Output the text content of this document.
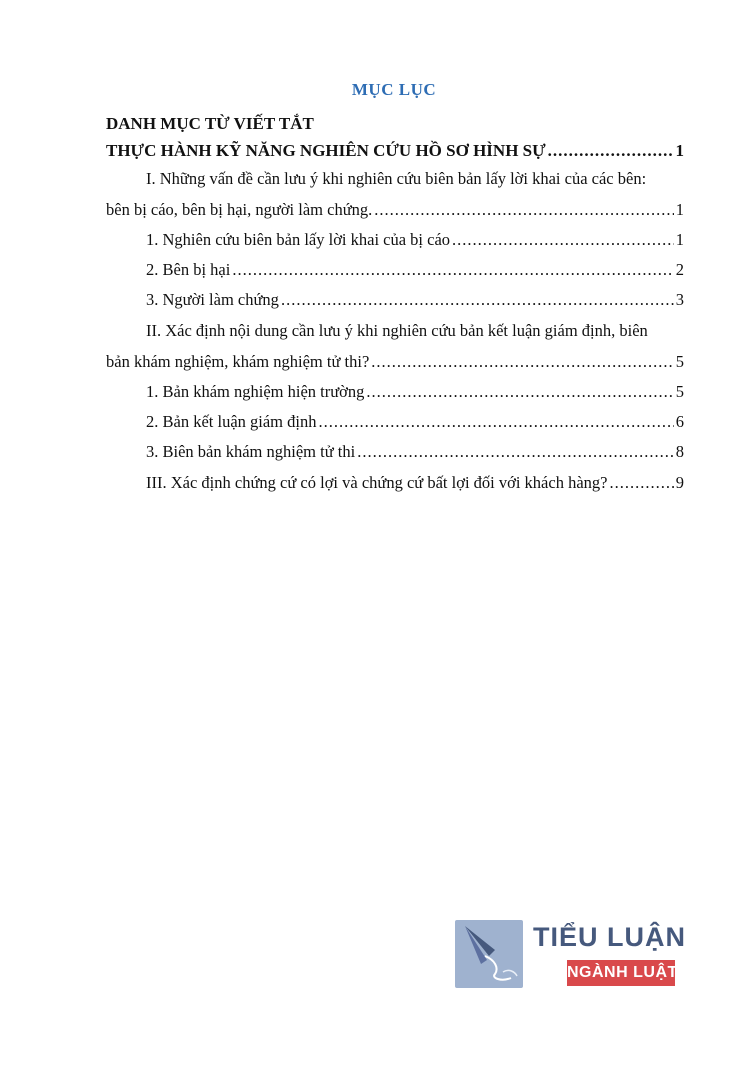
MỤC LỤC
DANH MỤC TỪ VIẾT TẮT
THỰC HÀNH KỸ NĂNG NGHIÊN CỨU HỒ SƠ HÌNH SỰ .....	1
I. Những vấn đề cần lưu ý khi nghiên cứu biên bản lấy lời khai của các bên:
bên bị cáo, bên bị hại, người làm chứng. .....	1
1. Nghiên cứu biên bản lấy lời khai của bị cáo .....	1
2. Bên bị hại .....	2
3. Người làm chứng .....	3
II. Xác định nội dung cần lưu ý khi nghiên cứu bản kết luận giám định, biên
bản khám nghiệm, khám nghiệm tử thi? .....	5
1. Bản khám nghiệm hiện trường .....	5
2. Bản kết luận giám định .....	6
3. Biên bản khám nghiệm tử thi .....	8
III. Xác định chứng cứ có lợi và chứng cứ bất lợi đối với khách hàng? .....	9
TIỂU LUẬN
NGÀNH LUẬT
